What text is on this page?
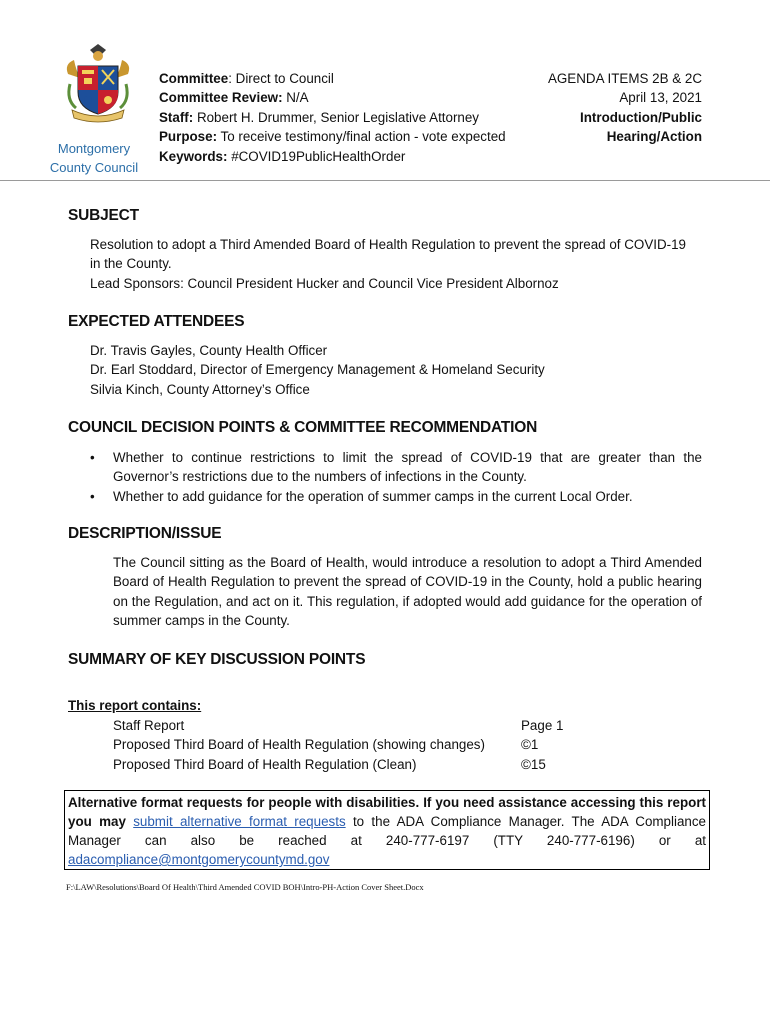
Montgomery
County Council
Committee: Direct to Council
Committee Review: N/A
Staff: Robert H. Drummer, Senior Legislative Attorney
Purpose: To receive testimony/final action - vote expected
Keywords: #COVID19PublicHealthOrder
AGENDA ITEMS 2B & 2C
April 13, 2021
Introduction/Public
Hearing/Action
SUBJECT
Resolution to adopt a Third Amended Board of Health Regulation to prevent the spread of COVID-19
in the County.
Lead Sponsors: Council President Hucker and Council Vice President Albornoz
EXPECTED ATTENDEES
Dr. Travis Gayles, County Health Officer
Dr. Earl Stoddard, Director of Emergency Management & Homeland Security
Silvia Kinch, County Attorney’s Office
COUNCIL DECISION POINTS & COMMITTEE RECOMMENDATION
• Whether to continue restrictions to limit the spread of COVID-19 that are greater than the Governor’s restrictions due to the numbers of infections in the County.
• Whether to add guidance for the operation of summer camps in the current Local Order.
DESCRIPTION/ISSUE
The Council sitting as the Board of Health, would introduce a resolution to adopt a Third Amended Board of Health Regulation to prevent the spread of COVID-19 in the County, hold a public hearing on the Regulation, and act on it. This regulation, if adopted would add guidance for the operation of summer camps in the County.
SUMMARY OF KEY DISCUSSION POINTS
This report contains:
Staff Report	Page 1
Proposed Third Board of Health Regulation (showing changes)	©1
Proposed Third Board of Health Regulation (Clean)	©15
Alternative format requests for people with disabilities. If you need assistance accessing this report you may submit alternative format requests to the ADA Compliance Manager. The ADA Compliance Manager can also be reached at 240-777-6197 (TTY 240-777-6196) or at adacompliance@montgomerycountymd.gov
F:\LAW\Resolutions\Board Of Health\Third Amended COVID BOH\Intro-PH-Action Cover Sheet.Docx
